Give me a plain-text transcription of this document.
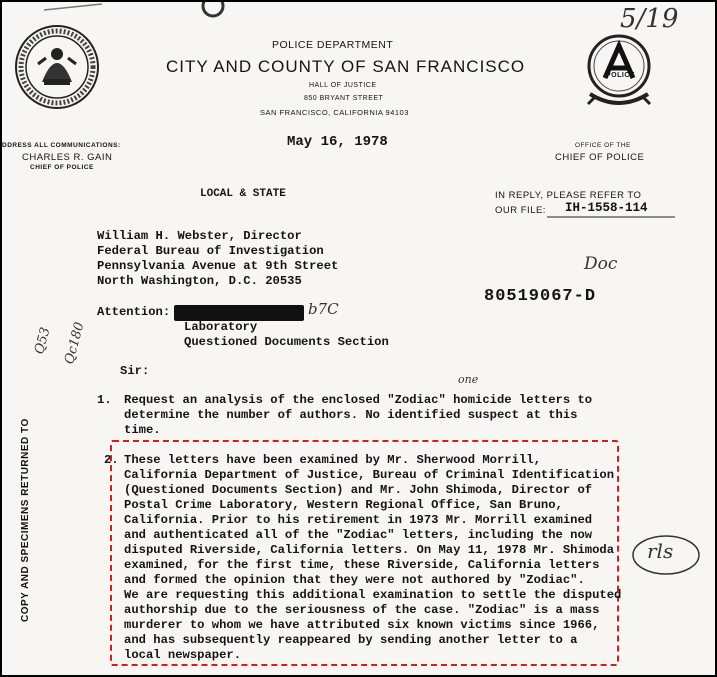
5/19
POLICE
POLICE DEPARTMENT
CITY AND COUNTY OF SAN FRANCISCO
HALL OF JUSTICE
850 BRYANT STREET
SAN FRANCISCO, CALIFORNIA 94103
DDRESS ALL COMMUNICATIONS:
CHARLES R. GAIN
CHIEF OF POLICE
May 16, 1978	OFFICE OF THE
CHIEF OF POLICE
IN REPLY, PLEASE REFER TO
OUR FILE: IH-1558-114
LOCAL & STATE
William H. Webster, Director
Federal Bureau of Investigation
Pennsylvania Avenue at 9th Street
North Washington, D.C. 20535
Doc
80519067-D
Attention:	b7C
Laboratory
Questioned Documents Section
Q53 Qc180
COPY AND SPECIMENS RETURNED TO
Sir:
1.
one
Request an analysis of the enclosed "Zodiac" homicide letters to
determine the number of authors. No identified suspect at this
time.
2. These letters have been examined by Mr. Sherwood Morrill,
California Department of Justice, Bureau of Criminal Identification
(Questioned Documents Section) and Mr. John Shimoda, Director of
Postal Crime Laboratory, Western Regional Office, San Bruno,
California. Prior to his retirement in 1973 Mr. Morrill examined
and authenticated all of the "Zodiac" letters, including the now
disputed Riverside, California letters. On May 11, 1978 Mr. Shimoda
examined, for the first time, these Riverside, California letters
and formed the opinion that they were not authored by "Zodiac".
We are requesting this additional examination to settle the disputed
authorship due to the seriousness of the case. "Zodiac" is a mass
murderer to whom we have attributed six known victims since 1966,
and has subsequently reappeared by sending another letter to a
local newspaper.
rls
